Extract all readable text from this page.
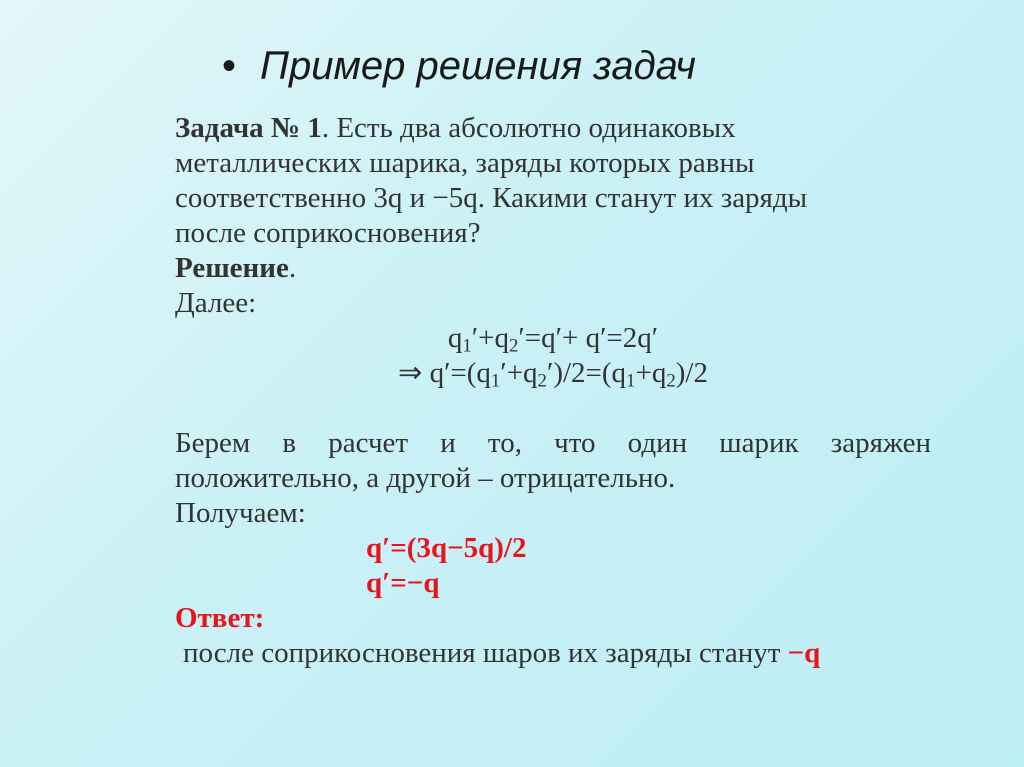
• Пример решения задач

Задача № 1. Есть два абсолютно одинаковых
металлических шарика, заряды которых равны
соответственно 3q и −5q. Какими станут их заряды
после соприкосновения?

Решение.

Далее:

$q_1'+q_2'=q'+ q'=2q'$

⇒ $q'=(q_1'+q_2')/2=(q_1+q_2)/2$

Берем в расчет и то, что один шарик заряжен

положительно, а другой – отрицательно.

Получаем:

q′=(3q−5q)/2

q′=−q

Ответ:

после соприкосновения шаров их заряды станут −q
